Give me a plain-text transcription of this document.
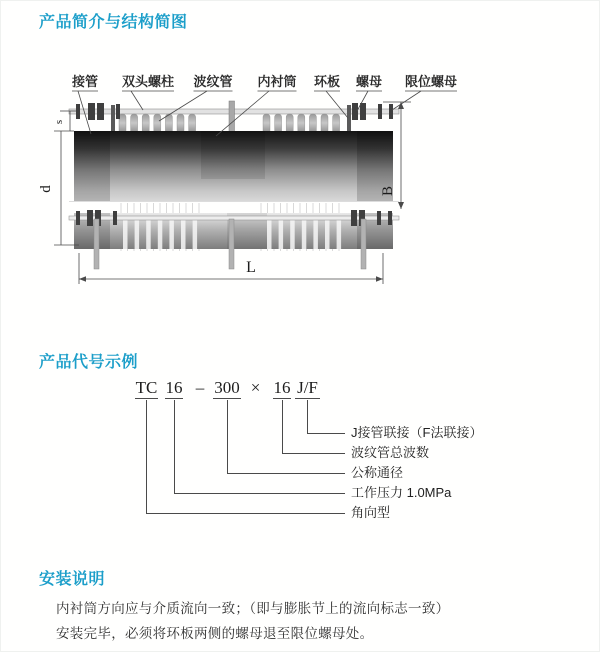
产品简介与结构简图
s
d	B
L
接管 双头螺柱 波纹管 内衬筒 环板 螺母 限位螺母
产品代号示例
TC 16 – 300 × 16 J/F
J接管联接（F法联接）
波纹管总波数
公称通径
工作压力 1.0MPa
角向型
安装说明

内衬筒方向应与介质流向一致；（即与膨胀节上的流向标志一致）

安装完毕，必须将环板两侧的螺母退至限位螺母处。
